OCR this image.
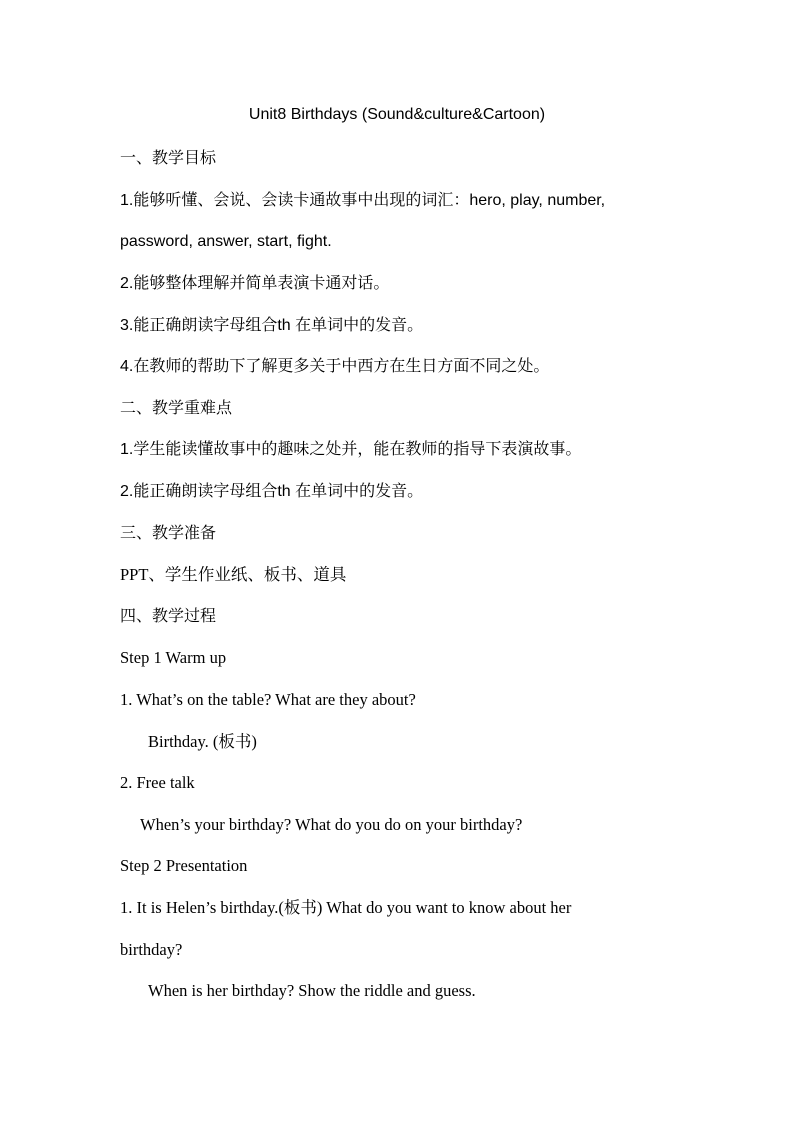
Unit8 Birthdays (Sound&culture&Cartoon)
一、教学目标
1.能够听懂、会说、会读卡通故事中出现的词汇：hero, play, number,
password, answer, start, fight.
2.能够整体理解并简单表演卡通对话。
3.能正确朗读字母组合th 在单词中的发音。
4.在教师的帮助下了解更多关于中西方在生日方面不同之处。
二、教学重难点
1.学生能读懂故事中的趣味之处并，能在教师的指导下表演故事。
2.能正确朗读字母组合th 在单词中的发音。
三、教学准备
PPT、学生作业纸、板书、道具
四、教学过程
Step 1 Warm up
1. What’s on the table? What are they about?
Birthday. (板书)
2. Free talk
When’s your birthday? What do you do on your birthday?
Step 2 Presentation
1. It is Helen’s birthday.(板书) What do you want to know about her
birthday?
When is her birthday? Show the riddle and guess.
